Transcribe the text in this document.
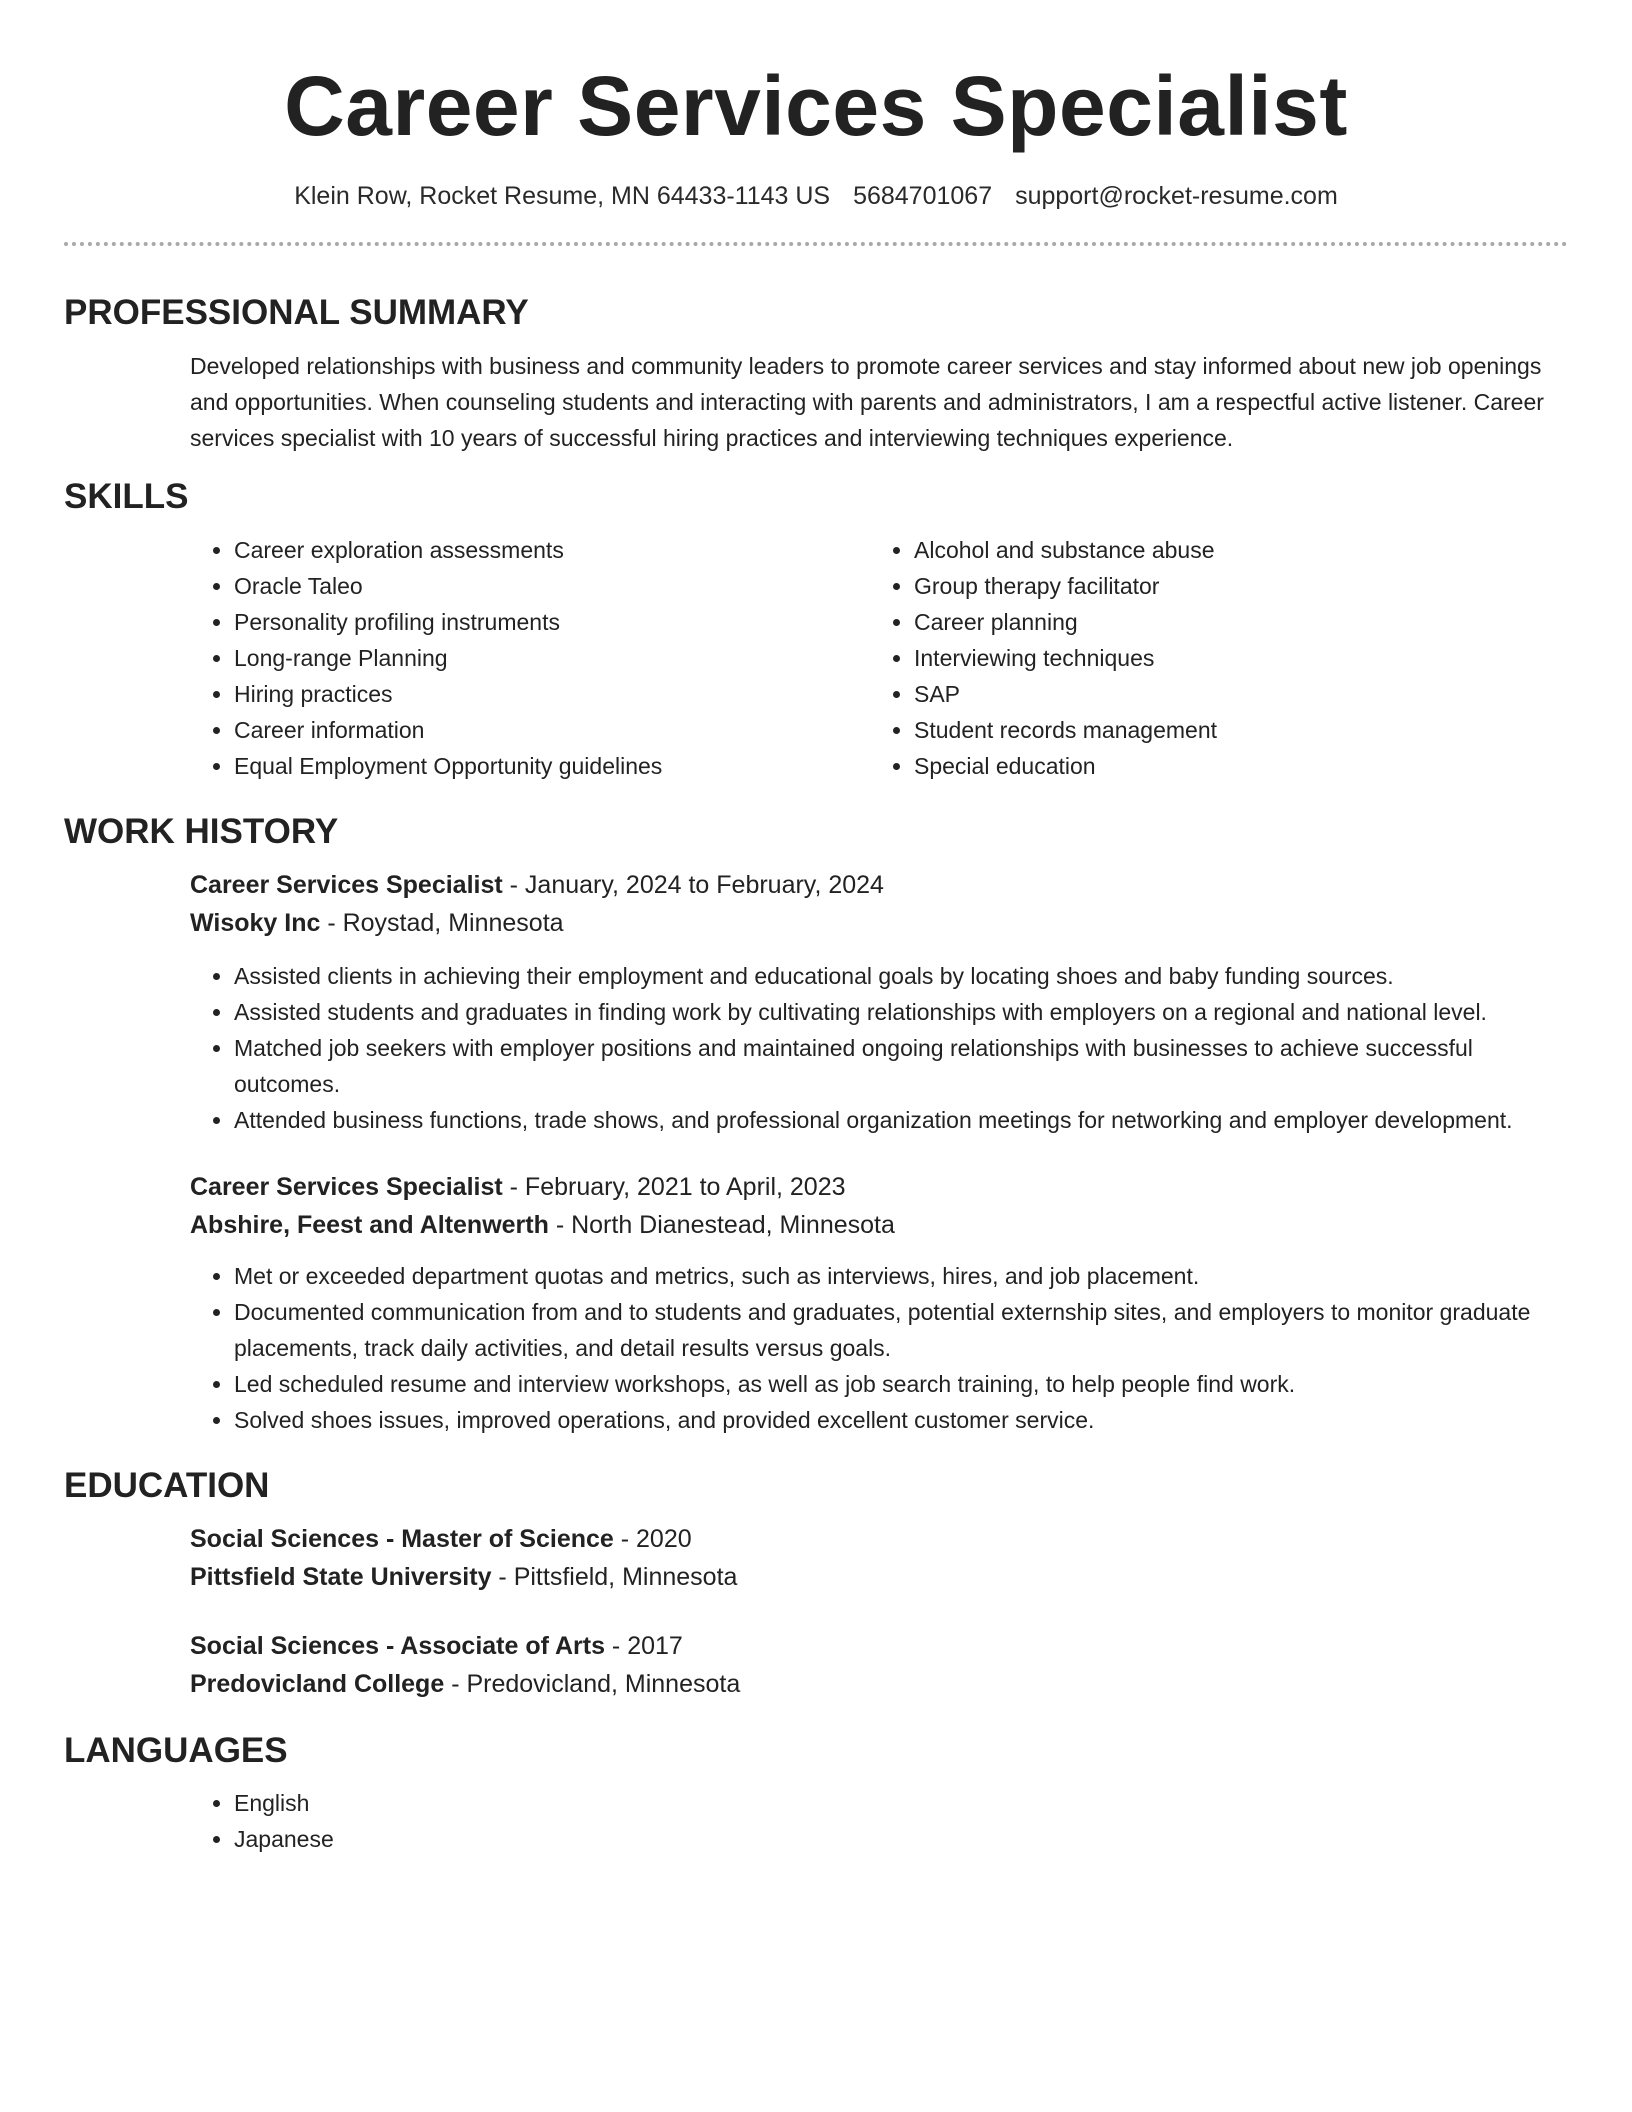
Career Services Specialist
Klein Row, Rocket Resume, MN 64433-1143 US 5684701067 support@rocket-resume.com
PROFESSIONAL SUMMARY
Developed relationships with business and community leaders to promote career services and stay informed about new job openings and opportunities. When counseling students and interacting with parents and administrators, I am a respectful active listener. Career services specialist with 10 years of successful hiring practices and interviewing techniques experience.
SKILLS
• Career exploration assessments
• Oracle Taleo
• Personality profiling instruments
• Long-range Planning
• Hiring practices
• Career information
• Equal Employment Opportunity guidelines
• Alcohol and substance abuse
• Group therapy facilitator
• Career planning
• Interviewing techniques
• SAP
• Student records management
• Special education
WORK HISTORY
Career Services Specialist - January, 2024 to February, 2024
Wisoky Inc - Roystad, Minnesota
• Assisted clients in achieving their employment and educational goals by locating shoes and baby funding sources.
• Assisted students and graduates in finding work by cultivating relationships with employers on a regional and national level.
• Matched job seekers with employer positions and maintained ongoing relationships with businesses to achieve successful outcomes.
• Attended business functions, trade shows, and professional organization meetings for networking and employer development.
Career Services Specialist - February, 2021 to April, 2023
Abshire, Feest and Altenwerth - North Dianestead, Minnesota
• Met or exceeded department quotas and metrics, such as interviews, hires, and job placement.
• Documented communication from and to students and graduates, potential externship sites, and employers to monitor graduate placements, track daily activities, and detail results versus goals.
• Led scheduled resume and interview workshops, as well as job search training, to help people find work.
• Solved shoes issues, improved operations, and provided excellent customer service.
EDUCATION
Social Sciences - Master of Science - 2020
Pittsfield State University - Pittsfield, Minnesota
Social Sciences - Associate of Arts - 2017
Predovicland College - Predovicland, Minnesota
LANGUAGES
• English
• Japanese
